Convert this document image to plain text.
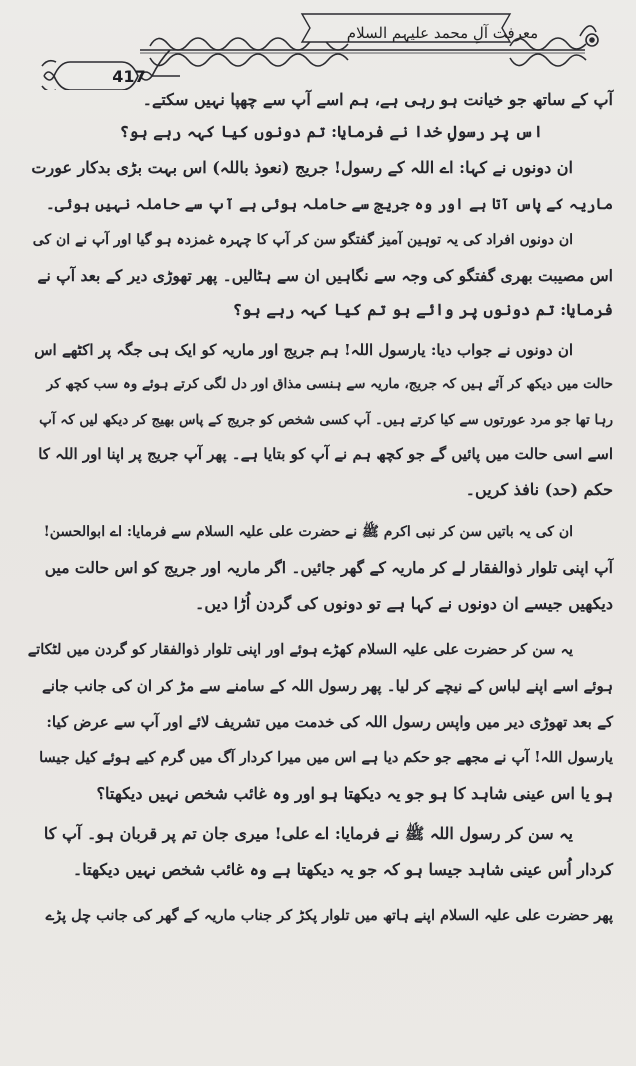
417
معرفت آلِ محمد علیہم السلام
آپ کے ساتھ جو خیانت ہو رہی ہے، ہم اسے آپ سے چھپا نہیں سکتے۔
اس پر رسولِ خدا نے فرمایا: تم دونوں کیا کہہ رہے ہو؟
ان دونوں نے کہا: اے اللہ کے رسول! جریج (نعوذ باللہ) اس بہت بڑی بدکار عورت
ماریہ کے پاس آتا ہے اور وہ جریج سے حاملہ ہوئی ہے آپ سے حاملہ نہیں ہوئی۔
ان دونوں افراد کی یہ توہین آمیز گفتگو سن کر آپ کا چہرہ غمزدہ ہو گیا اور آپ نے ان کی
اس مصیبت بھری گفتگو کی وجہ سے نگاہیں ان سے ہٹالیں۔ پھر تھوڑی دیر کے بعد آپ نے
فرمایا: تم دونوں پر وائے ہو تم کیا کہہ رہے ہو؟
ان دونوں نے جواب دیا: یارسول اللہ! ہم جریج اور ماریہ کو ایک ہی جگہ پر اکٹھے اس
حالت میں دیکھ کر آئے ہیں کہ جریج، ماریہ سے ہنسی مذاق اور دل لگی کرتے ہوئے وہ سب کچھ کر
رہا تھا جو مرد عورتوں سے کیا کرتے ہیں۔ آپ کسی شخص کو جریج کے پاس بھیج کر دیکھ لیں کہ آپ
اسے اسی حالت میں پائیں گے جو کچھ ہم نے آپ کو بتایا ہے۔ پھر آپ جریج پر اپنا اور اللہ کا
حکم (حد) نافذ کریں۔
ان کی یہ باتیں سن کر نبی اکرم ﷺ نے حضرت علی علیہ السلام سے فرمایا: اے ابوالحسن!
آپ اپنی تلوار ذوالفقار لے کر ماریہ کے گھر جائیں۔ اگر ماریہ اور جریج کو اس حالت میں
دیکھیں جیسے ان دونوں نے کہا ہے تو دونوں کی گردن اُڑا دیں۔
یہ سن کر حضرت علی علیہ السلام کھڑے ہوئے اور اپنی تلوار ذوالفقار کو گردن میں لٹکاتے
ہوئے اسے اپنے لباس کے نیچے کر لیا۔ پھر رسول اللہ کے سامنے سے مڑ کر ان کی جانب جانے
کے بعد تھوڑی دیر میں واپس رسول اللہ کی خدمت میں تشریف لائے اور آپ سے عرض کیا:
یارسول اللہ! آپ نے مجھے جو حکم دیا ہے اس میں میرا کردار آگ میں گرم کیے ہوئے کیل جیسا
ہو یا اس عینی شاہد کا ہو جو یہ دیکھتا ہو اور وہ غائب شخص نہیں دیکھتا؟
یہ سن کر رسول اللہ ﷺ نے فرمایا: اے علی! میری جان تم پر قربان ہو۔ آپ کا
کردار اُس عینی شاہد جیسا ہو کہ جو یہ دیکھتا ہے وہ غائب شخص نہیں دیکھتا۔
پھر حضرت علی علیہ السلام اپنے ہاتھ میں تلوار پکڑ کر جناب ماریہ کے گھر کی جانب چل پڑے
